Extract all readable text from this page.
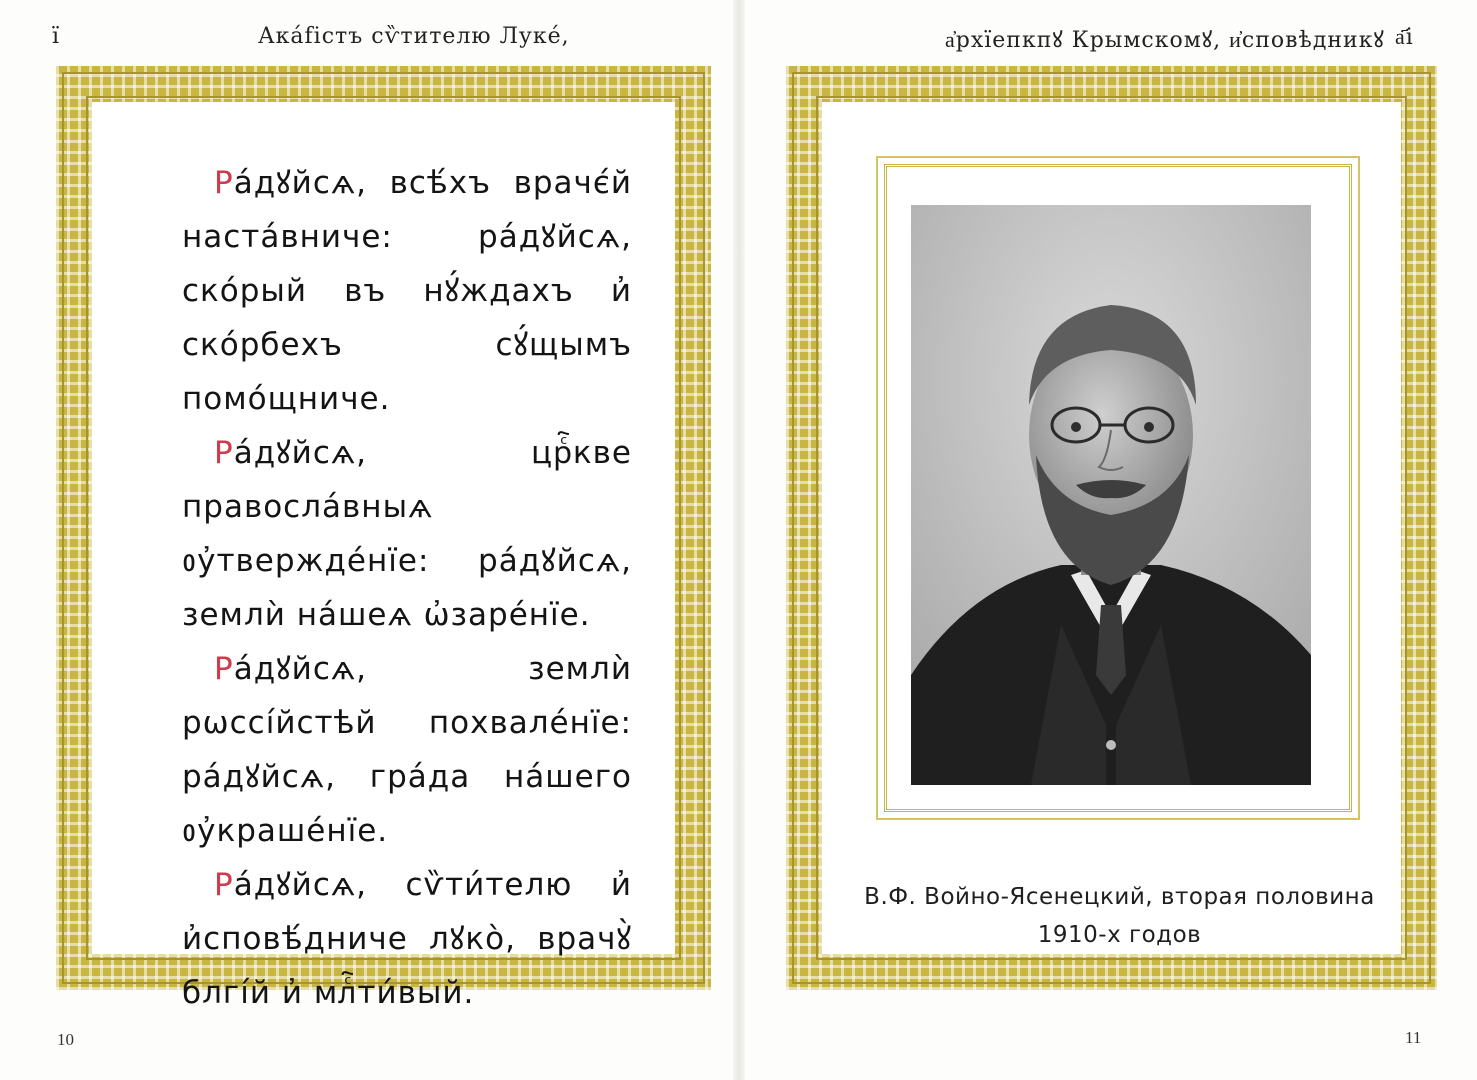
ї	Ака́fістъ сѷтителю Луке́,

Ра́дꙋйсѧ, всѣ́хъ врачє́й наста́вниче: ра́дꙋйсѧ, ско́рый въ нꙋ́ждахъ и҆ ско́рбехъ сꙋ́щымъ помо́щниче.

Ра́дꙋйсѧ, црⷭ҇кве правосла́вныѧ ᲂу҆твержде́нїе: ра́дꙋйсѧ, землѝ на́шеѧ ѡ҆заре́нїе.

Ра́дꙋйсѧ, землѝ рѡссі́йстѣй похвале́нїе: ра́дꙋйсѧ, гра́да на́шего ᲂу҆краше́нїе.

Ра́дꙋйсѧ, сѷти́телю и҆ и҆сповѣ́дниче лꙋко̀, врачꙋ̀ блгі́й и҆ млⷭ҇ти́вый.

10
а҆рхїепкпꙋ Крымскомꙋ, и҆сповѣдникꙋ а҃і
В.Ф. Войно-Ясенецкий, вторая половина
1910-х годов
11
